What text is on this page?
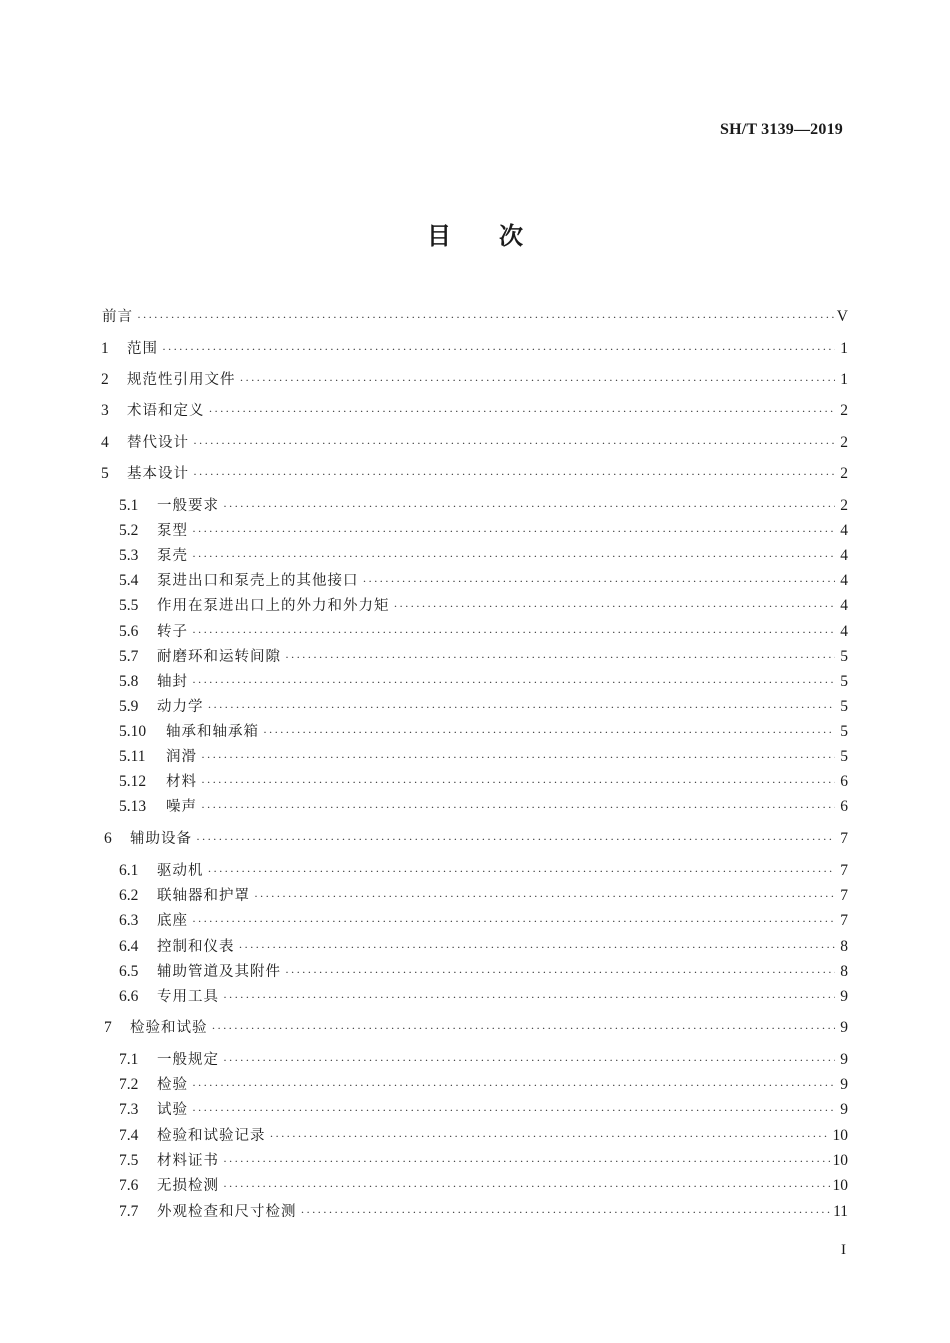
SH/T 3139—2019
目 次
前言 ·····	V
1	范围 ·····	1
2	规范性引用文件 ·····	1
3	术语和定义 ·····	2
4	替代设计 ·····	2
5	基本设计 ·····	2
5.1	一般要求 ·····	2
5.2	泵型 ·····	4
5.3	泵壳 ·····	4
5.4	泵进出口和泵壳上的其他接口 ·····	4
5.5	作用在泵进出口上的外力和外力矩 ·····	4
5.6	转子 ·····	4
5.7	耐磨环和运转间隙 ·····	5
5.8	轴封 ·····	5
5.9	动力学 ·····	5
5.10	轴承和轴承箱 ·····	5
5.11	润滑 ·····	5
5.12	材料 ·····	6
5.13	噪声 ·····	6
6	辅助设备 ·····	7
6.1	驱动机 ·····	7
6.2	联轴器和护罩 ·····	7
6.3	底座 ·····	7
6.4	控制和仪表 ·····	8
6.5	辅助管道及其附件 ·····	8
6.6	专用工具 ·····	9
7	检验和试验 ·····	9
7.1	一般规定 ·····	9
7.2	检验 ·····	9
7.3	试验 ·····	9
7.4	检验和试验记录 ·····	10
7.5	材料证书 ·····	10
7.6	无损检测 ·····	10
7.7	外观检查和尺寸检测 ·····	11
I
